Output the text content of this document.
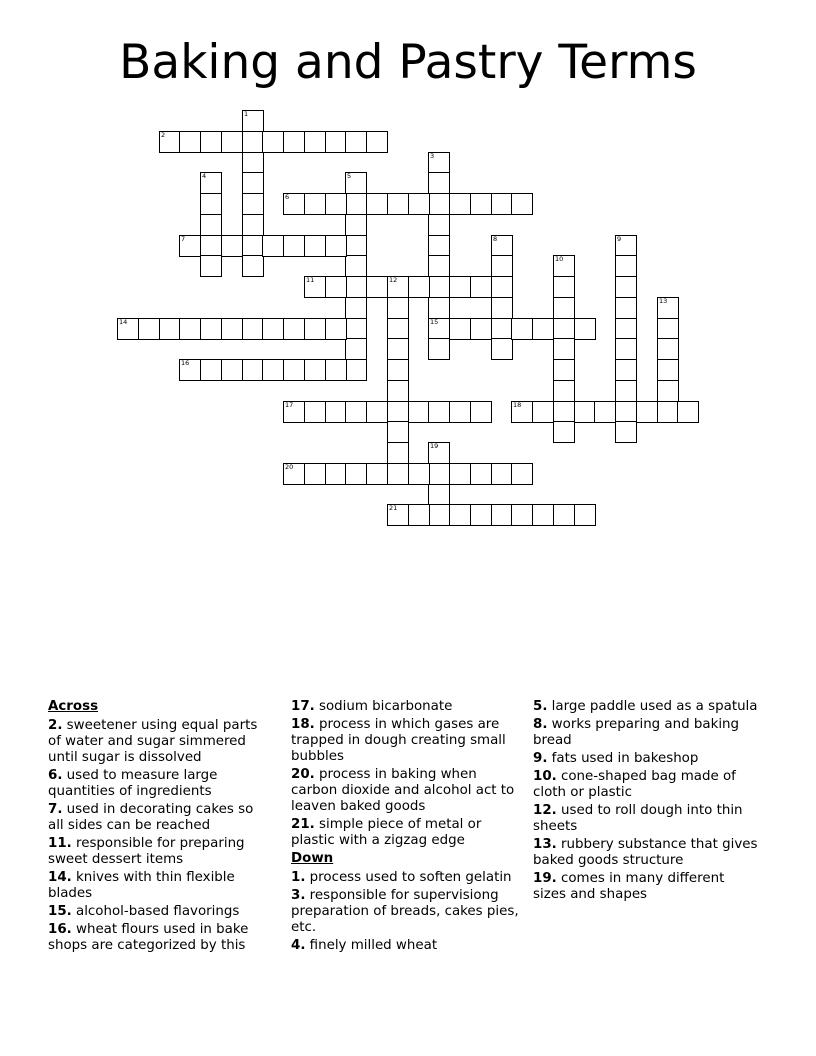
Baking and Pastry Terms
1
2
3
15
4	5
6
7	8	9
10
11	12
13
14
16
17	18
19
20
21
Across
2. sweetener using equal parts of water and sugar simmered until sugar is dissolved
6. used to measure large quantities of ingredients
7. used in decorating cakes so all sides can be reached
11. responsible for preparing sweet dessert items
14. knives with thin flexible blades
15. alcohol-based flavorings
16. wheat flours used in bake shops are categorized by this
17. sodium bicarbonate
18. process in which gases are trapped in dough creating small bubbles
20. process in baking when carbon dioxide and alcohol act to leaven baked goods
21. simple piece of metal or plastic with a zigzag edge
Down
1. process used to soften gelatin
3. responsible for supervisiong preparation of breads, cakes pies, etc.
4. finely milled wheat
5. large paddle used as a spatula
8. works preparing and baking bread
9. fats used in bakeshop
10. cone-shaped bag made of cloth or plastic
12. used to roll dough into thin sheets
13. rubbery substance that gives baked goods structure
19. comes in many different sizes and shapes
